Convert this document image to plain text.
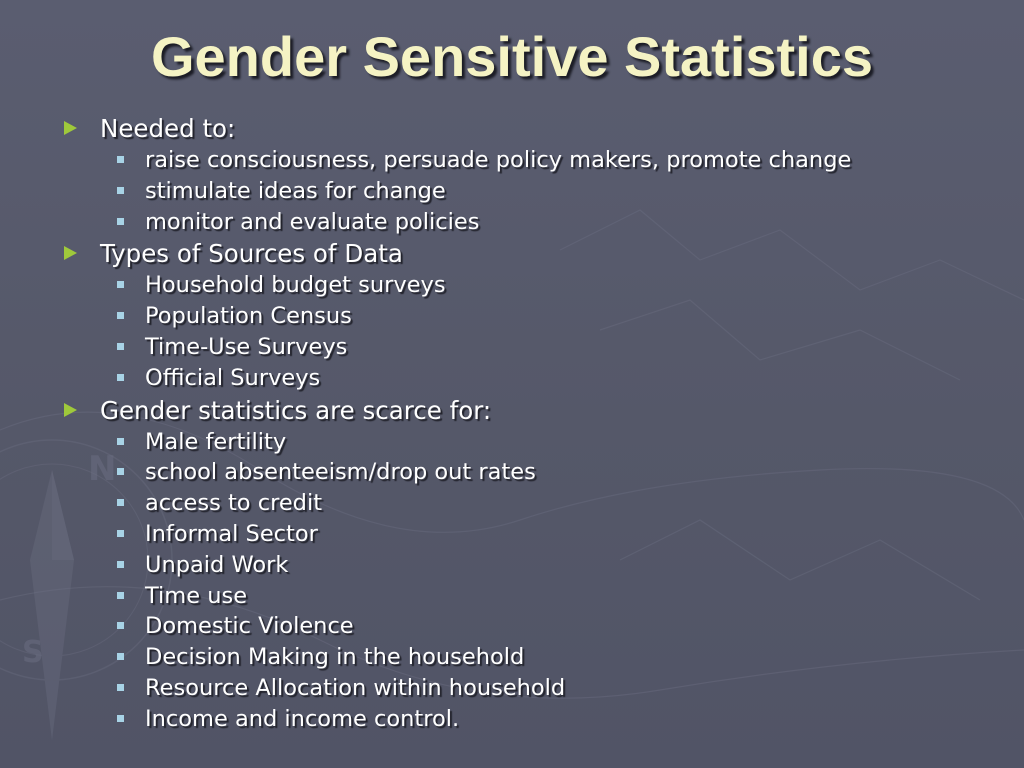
N
S
Gender Sensitive Statistics
Needed to:
raise consciousness, persuade policy makers, promote change
stimulate ideas for change
monitor and evaluate policies
Types of Sources of Data
Household budget surveys
Population Census
Time-Use Surveys
Official Surveys
Gender statistics are scarce for:
Male fertility
school absenteeism/drop out rates
access to credit
Informal Sector
Unpaid Work
Time use
Domestic Violence
Decision Making in the household
Resource Allocation within household
Income and income control.
